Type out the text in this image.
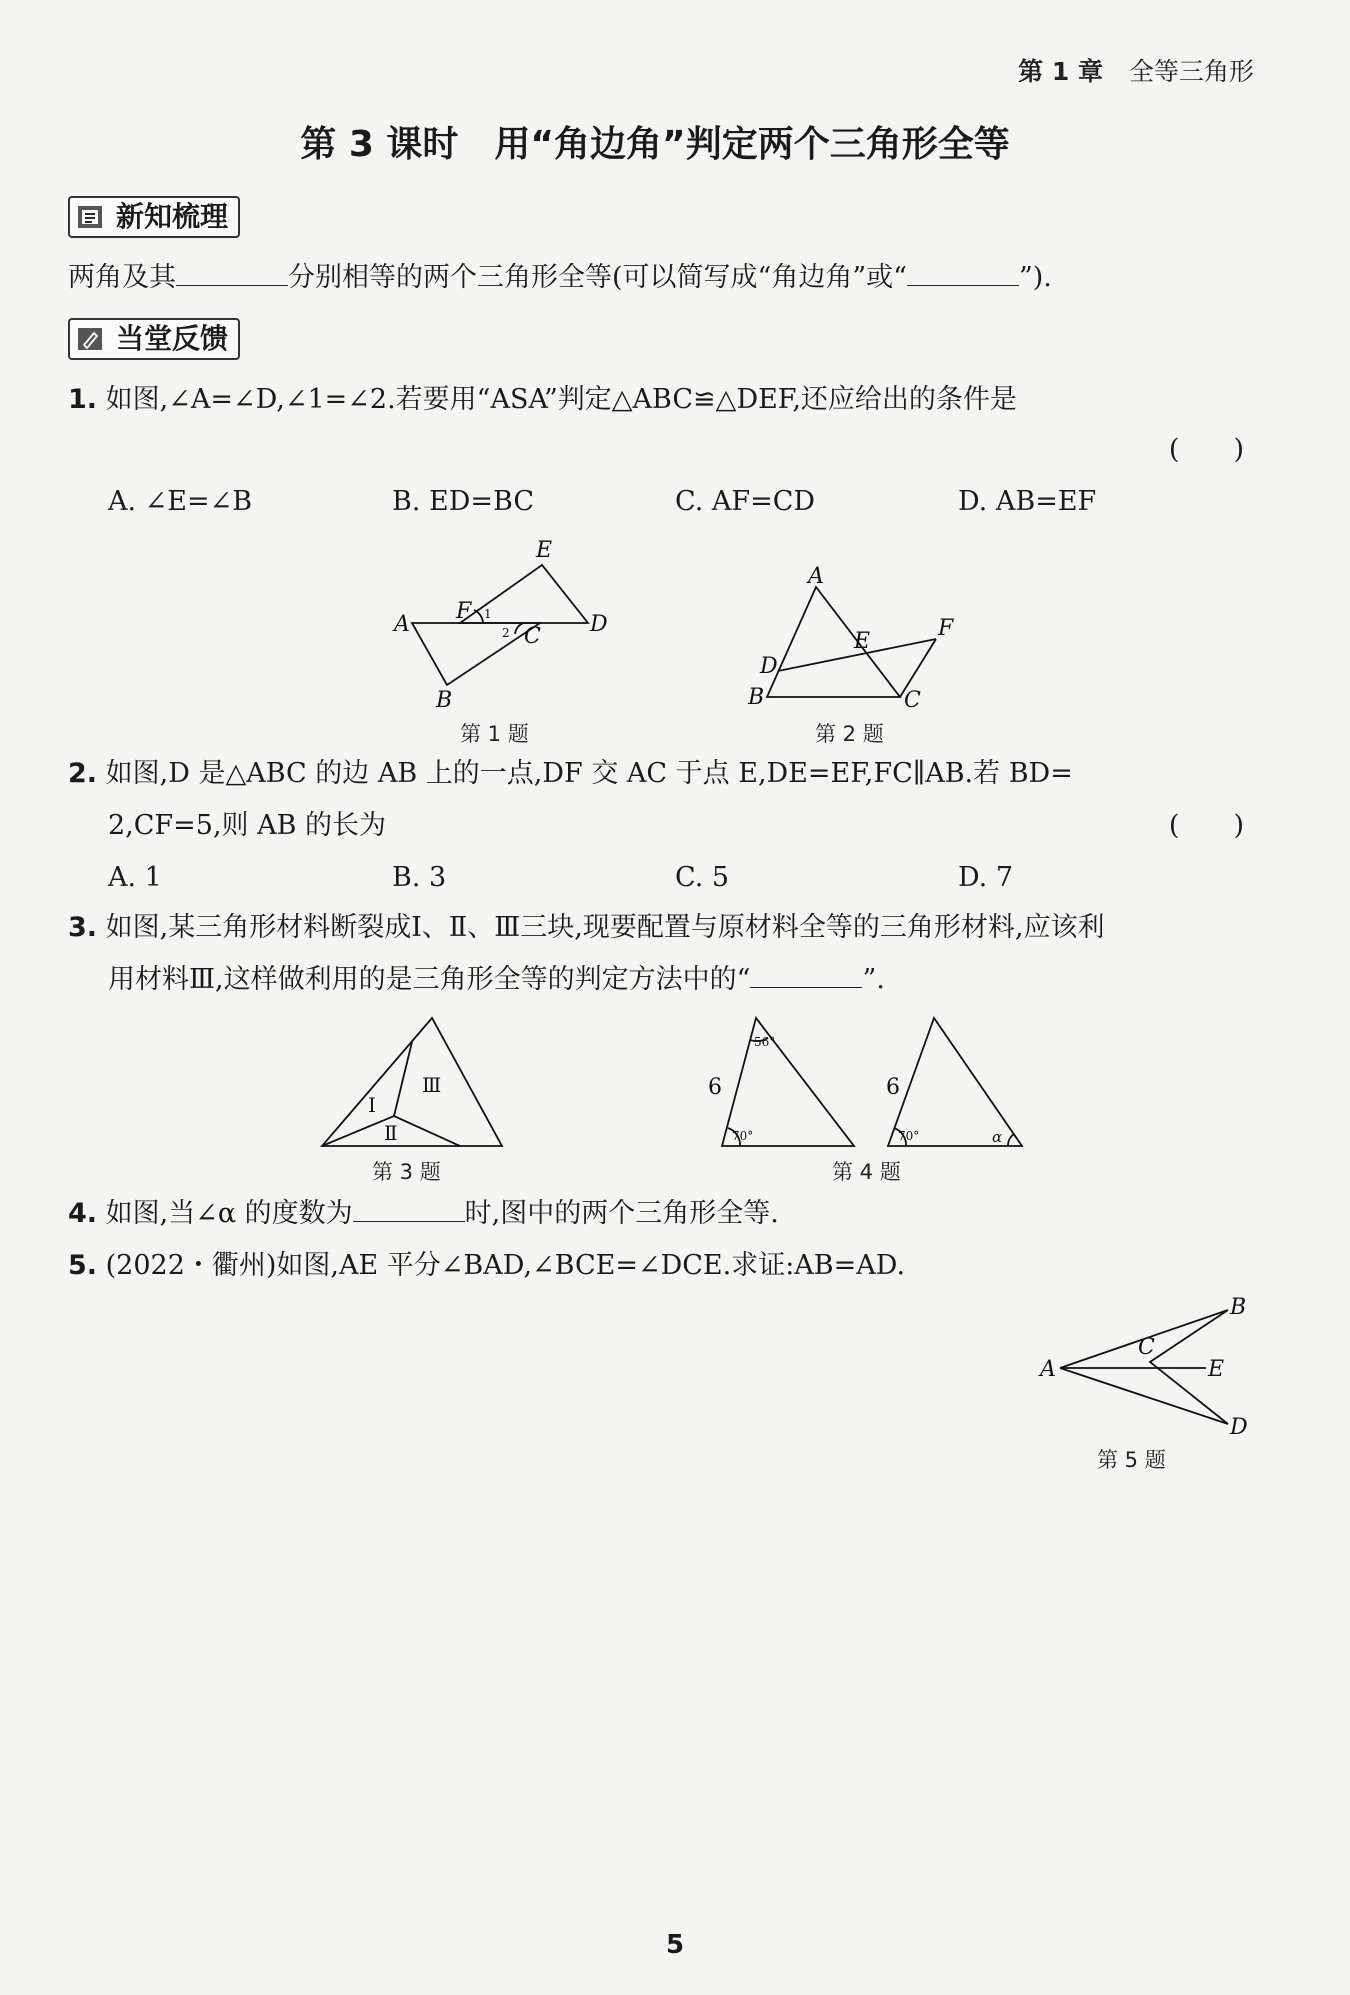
第 1 章 全等三角形
第 3 课时　用“角边角”判定两个三角形全等
新知梳理
两角及其	分别相等的两个三角形全等(可以简写成“角边角”或“	”).
当堂反馈
1. 如图,∠A=∠D,∠1=∠2.若要用“ASA”判定△ABC≌△DEF,还应给出的条件是
(　　)
A. ∠E=∠B	B. ED=BC	C. AF=CD	D. AB=EF
A
B
C D
E
F 1
2
第 1 题
A
B	C
D
E
F
第 2 题
2. 如图,D 是△ABC 的边 AB 上的一点,DF 交 AC 于点 E,DE=EF,FC∥AB.若 BD=
2,CF=5,则 AB 的长为	(　　)
A. 1	B. 3	C. 5	D. 7
3. 如图,某三角形材料断裂成Ⅰ、Ⅱ、Ⅲ三块,现要配置与原材料全等的三角形材料,应该利
用材料Ⅲ,这样做利用的是三角形全等的判定方法中的“	”.
Ⅰ
Ⅱ
Ⅲ
第 3 题
6
56°
70°
6
70°	α
第 4 题
4. 如图,当∠α 的度数为	时,图中的两个三角形全等.
5. (2022・衢州)如图,AE 平分∠BAD,∠BCE=∠DCE.求证:AB=AD.
A
B
C
D
E
第 5 题
5
